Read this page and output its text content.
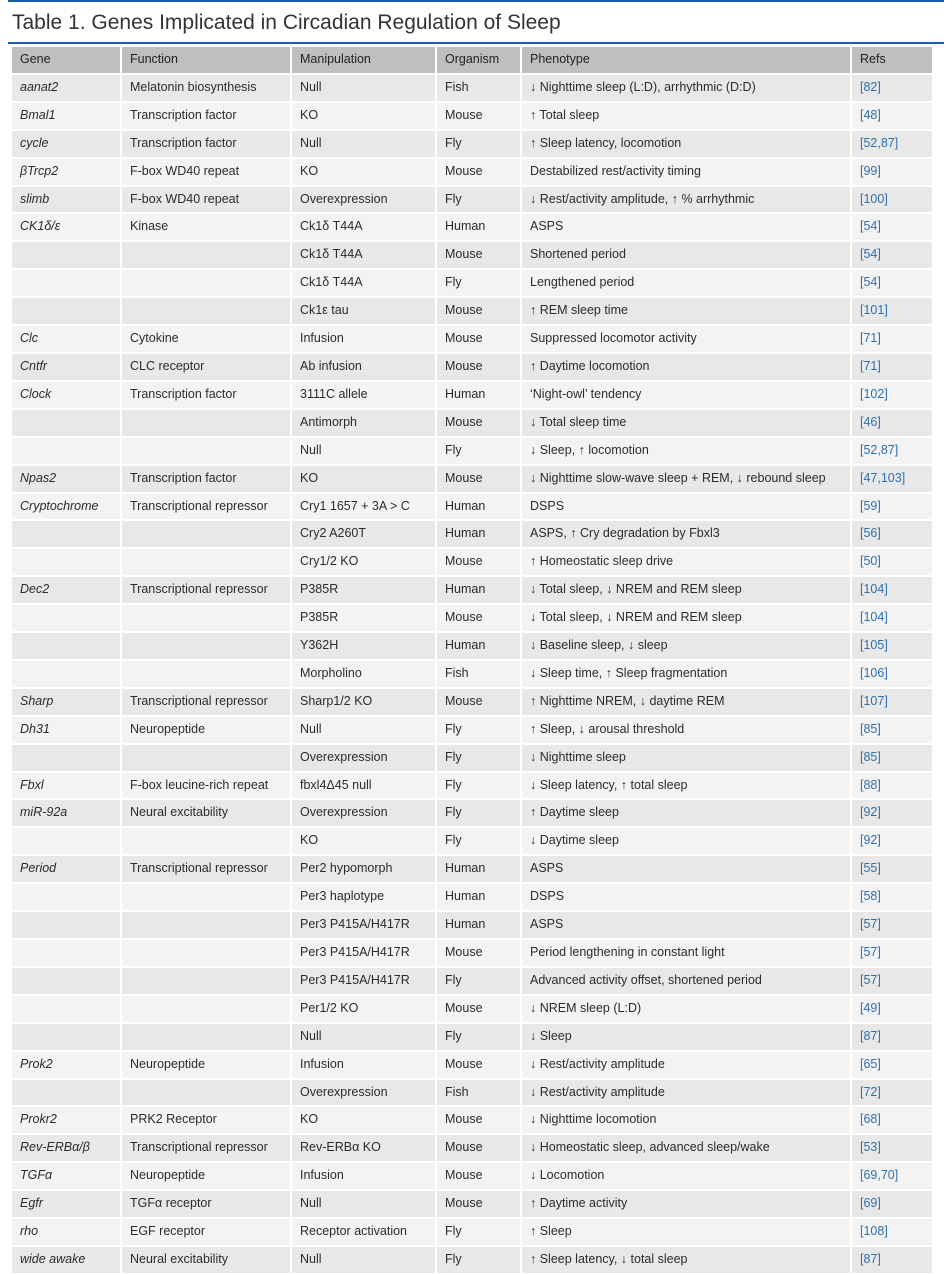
Table 1. Genes Implicated in Circadian Regulation of Sleep
Gene	Function	Manipulation	Organism	Phenotype	Refs
aanat2	Melatonin biosynthesis	Null	Fish	↓ Nighttime sleep (L:D), arrhythmic (D:D)	[82]
Bmal1	Transcription factor	KO	Mouse	↑ Total sleep	[48]
cycle	Transcription factor	Null	Fly	↑ Sleep latency, locomotion	[52,87]
βTrcp2	F-box WD40 repeat	KO	Mouse	Destabilized rest/activity timing	[99]
slimb	F-box WD40 repeat	Overexpression	Fly	↓ Rest/activity amplitude, ↑ % arrhythmic	[100]
CK1δ/ε	Kinase	Ck1δ T44A	Human	ASPS	[54]
		Ck1δ T44A	Mouse	Shortened period	[54]
		Ck1δ T44A	Fly	Lengthened period	[54]
		Ck1ε tau	Mouse	↑ REM sleep time	[101]
Clc	Cytokine	Infusion	Mouse	Suppressed locomotor activity	[71]
Cntfr	CLC receptor	Ab infusion	Mouse	↑ Daytime locomotion	[71]
Clock	Transcription factor	3111C allele	Human	‘Night-owl’ tendency	[102]
		Antimorph	Mouse	↓ Total sleep time	[46]
		Null	Fly	↓ Sleep, ↑ locomotion	[52,87]
Npas2	Transcription factor	KO	Mouse	↓ Nighttime slow-wave sleep + REM, ↓ rebound sleep	[47,103]
Cryptochrome	Transcriptional repressor	Cry1 1657 + 3A > C	Human	DSPS	[59]
		Cry2 A260T	Human	ASPS, ↑ Cry degradation by Fbxl3	[56]
		Cry1/2 KO	Mouse	↑ Homeostatic sleep drive	[50]
Dec2	Transcriptional repressor	P385R	Human	↓ Total sleep, ↓ NREM and REM sleep	[104]
		P385R	Mouse	↓ Total sleep, ↓ NREM and REM sleep	[104]
		Y362H	Human	↓ Baseline sleep, ↓ sleep	[105]
		Morpholino	Fish	↓ Sleep time, ↑ Sleep fragmentation	[106]
Sharp	Transcriptional repressor	Sharp1/2 KO	Mouse	↑ Nighttime NREM, ↓ daytime REM	[107]
Dh31	Neuropeptide	Null	Fly	↑ Sleep, ↓ arousal threshold	[85]
		Overexpression	Fly	↓ Nighttime sleep	[85]
Fbxl	F-box leucine-rich repeat	fbxl4Δ45 null	Fly	↓ Sleep latency, ↑ total sleep	[88]
miR-92a	Neural excitability	Overexpression	Fly	↑ Daytime sleep	[92]
		KO	Fly	↓ Daytime sleep	[92]
Period	Transcriptional repressor	Per2 hypomorph	Human	ASPS	[55]
		Per3 haplotype	Human	DSPS	[58]
		Per3 P415A/H417R	Human	ASPS	[57]
		Per3 P415A/H417R	Mouse	Period lengthening in constant light	[57]
		Per3 P415A/H417R	Fly	Advanced activity offset, shortened period	[57]
		Per1/2 KO	Mouse	↓ NREM sleep (L:D)	[49]
		Null	Fly	↓ Sleep	[87]
Prok2	Neuropeptide	Infusion	Mouse	↓ Rest/activity amplitude	[65]
		Overexpression	Fish	↓ Rest/activity amplitude	[72]
Prokr2	PRK2 Receptor	KO	Mouse	↓ Nighttime locomotion	[68]
Rev-ERBα/β	Transcriptional repressor	Rev-ERBα KO	Mouse	↓ Homeostatic sleep, advanced sleep/wake	[53]
TGFα	Neuropeptide	Infusion	Mouse	↓ Locomotion	[69,70]
Egfr	TGFα receptor	Null	Mouse	↑ Daytime activity	[69]
rho	EGF receptor	Receptor activation	Fly	↑ Sleep	[108]
wide awake	Neural excitability	Null	Fly	↑ Sleep latency, ↓ total sleep	[87]
